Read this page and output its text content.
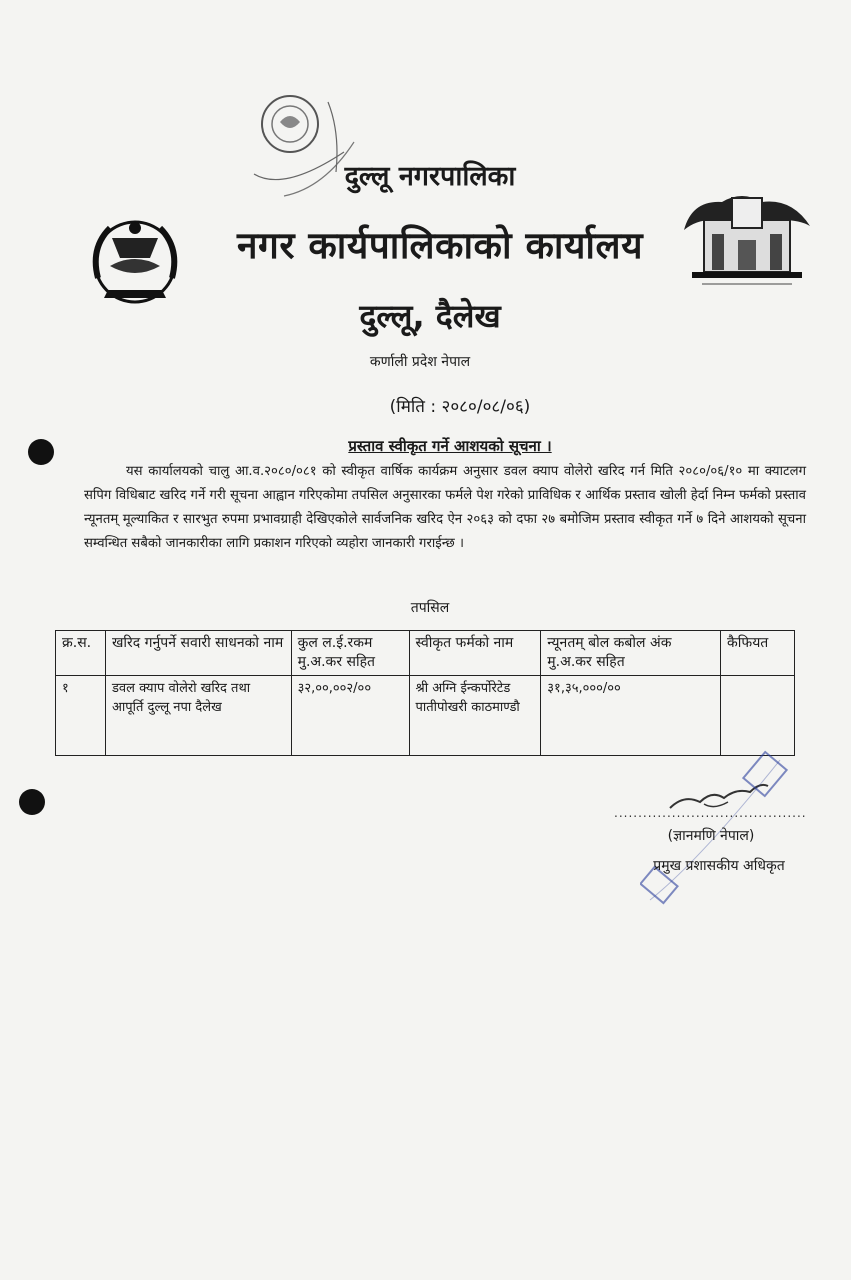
दुल्लू नगरपालिका
नगर कार्यपालिकाको कार्यालय
दुल्लू, दैलेख
कर्णाली प्रदेश नेपाल
(मिति : २०८०/०८/०६)
प्रस्ताव स्वीकृत गर्ने आशयको सूचना ।
यस कार्यालयको चालु आ.व.२०८०/०८१ को स्वीकृत वार्षिक कार्यक्रम अनुसार डवल क्याप वोलेरो खरिद गर्न मिति २०८०/०६/१० मा क्याटलग सपिग विधिबाट खरिद गर्ने गरी सूचना आह्वान गरिएकोमा तपसिल अनुसारका फर्मले पेश गरेको प्राविधिक र आर्थिक प्रस्ताव खोली हेर्दा निम्न फर्मको प्रस्ताव न्यूनतम् मूल्याकित र सारभुत रुपमा प्रभावग्राही देखिएकोले सार्वजनिक खरिद ऐन २०६३ को दफा २७ बमोजिम प्रस्ताव स्वीकृत गर्ने ७ दिने आशयको सूचना सम्वन्धित सबैको जानकारीका लागि प्रकाशन गरिएको व्यहोरा जानकारी गराईन्छ ।
तपसिल
क्र.स.	खरिद गर्नुपर्ने सवारी साधनको नाम	कुल ल.ई.रकम मु.अ.कर सहित	स्वीकृत फर्मको नाम	न्यूनतम् बोल कबोल अंक मु.अ.कर सहित	कैफियत
१	डवल क्याप वोलेरो खरिद तथा आपूर्ति दुल्लू नपा दैलेख	३२,००,००२/००	श्री अग्नि ईन्कर्पोरेटेड पातीपोखरी काठमाण्डौ	३१,३५,०००/००	
........................................
(ज्ञानमणि नेपाल)
प्रमुख प्रशासकीय अधिकृत
